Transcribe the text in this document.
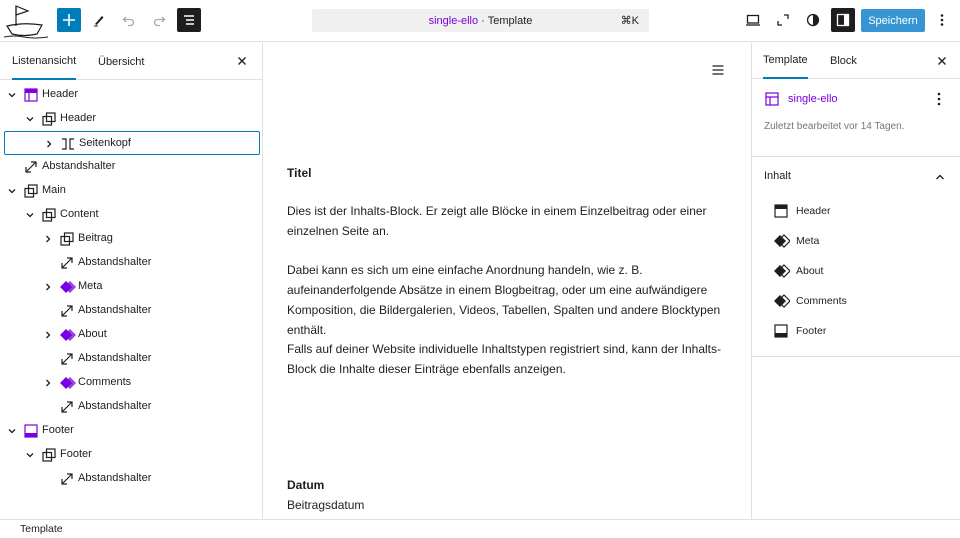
single-ello · Template	⌘K	Speichern
Listenansicht Übersicht
Header
Header
Seitenkopf
Abstandshalter
Main
Content
Beitrag
Abstandshalter
Meta
Abstandshalter
About
Abstandshalter
Comments
Abstandshalter
Footer
Footer
Abstandshalter
Titel
Dies ist der Inhalts-Block. Er zeigt alle Blöcke in einem Einzelbeitrag oder einer einzelnen Seite an.
Dabei kann es sich um eine einfache Anordnung handeln, wie z. B. aufeinanderfolgende Absätze in einem Blogbeitrag, oder um eine aufwändigere Komposition, die Bildergalerien, Videos, Tabellen, Spalten und andere Blocktypen enthält.
Falls auf deiner Website individuelle Inhaltstypen registriert sind, kann der Inhalts-Block die Inhalte dieser Einträge ebenfalls anzeigen.
Datum
Beitragsdatum
Template Block
single-ello
Zuletzt bearbeitet vor 14 Tagen.
Inhalt
Header
Meta
About
Comments
Footer
Template
